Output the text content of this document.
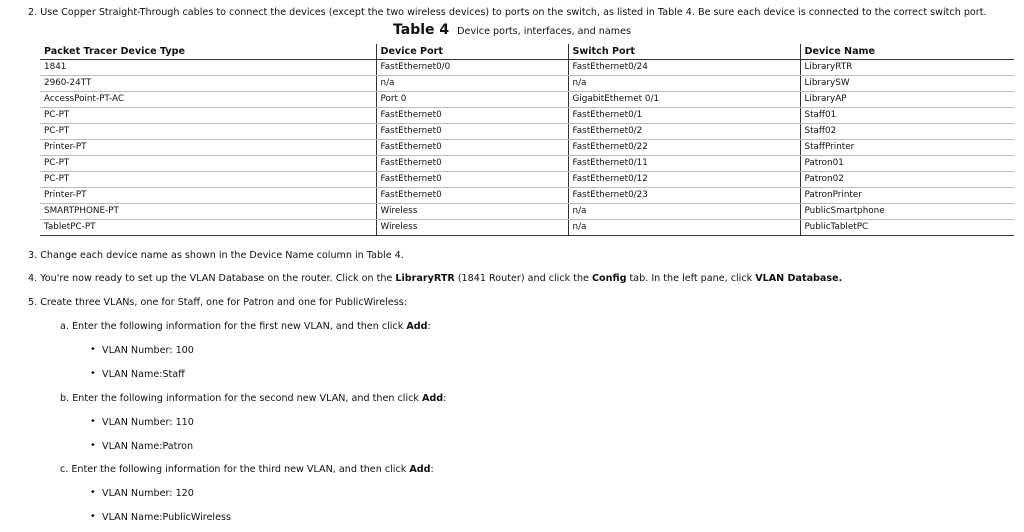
2. Use Copper Straight-Through cables to connect the devices (except the two wireless devices) to ports on the switch, as listed in Table 4. Be sure each device is connected to the correct switch port.
Table 4 Device ports, interfaces, and names
Packet Tracer Device Type	Device Port	Switch Port	Device Name
1841	FastEthernet0/0	FastEthernet0/24	LibraryRTR
2960-24TT	n/a	n/a	LibrarySW
AccessPoint-PT-AC	Port 0	GigabitEthernet 0/1	LibraryAP
PC-PT	FastEthernet0	FastEthernet0/1	Staff01
PC-PT	FastEthernet0	FastEthernet0/2	Staff02
Printer-PT	FastEthernet0	FastEthernet0/22	StaffPrinter
PC-PT	FastEthernet0	FastEthernet0/11	Patron01
PC-PT	FastEthernet0	FastEthernet0/12	Patron02
Printer-PT	FastEthernet0	FastEthernet0/23	PatronPrinter
SMARTPHONE-PT	Wireless	n/a	PublicSmartphone
TabletPC-PT	Wireless	n/a	PublicTabletPC
3. Change each device name as shown in the Device Name column in Table 4.
4. You're now ready to set up the VLAN Database on the router. Click on the LibraryRTR (1841 Router) and click the Config tab. In the left pane, click VLAN Database.
5. Create three VLANs, one for Staff, one for Patron and one for PublicWireless:
a. Enter the following information for the first new VLAN, and then click Add:
• VLAN Number: 100
• VLAN Name:Staff
b. Enter the following information for the second new VLAN, and then click Add:
• VLAN Number: 110
• VLAN Name:Patron
c. Enter the following information for the third new VLAN, and then click Add:
• VLAN Number: 120
• VLAN Name:PublicWireless
